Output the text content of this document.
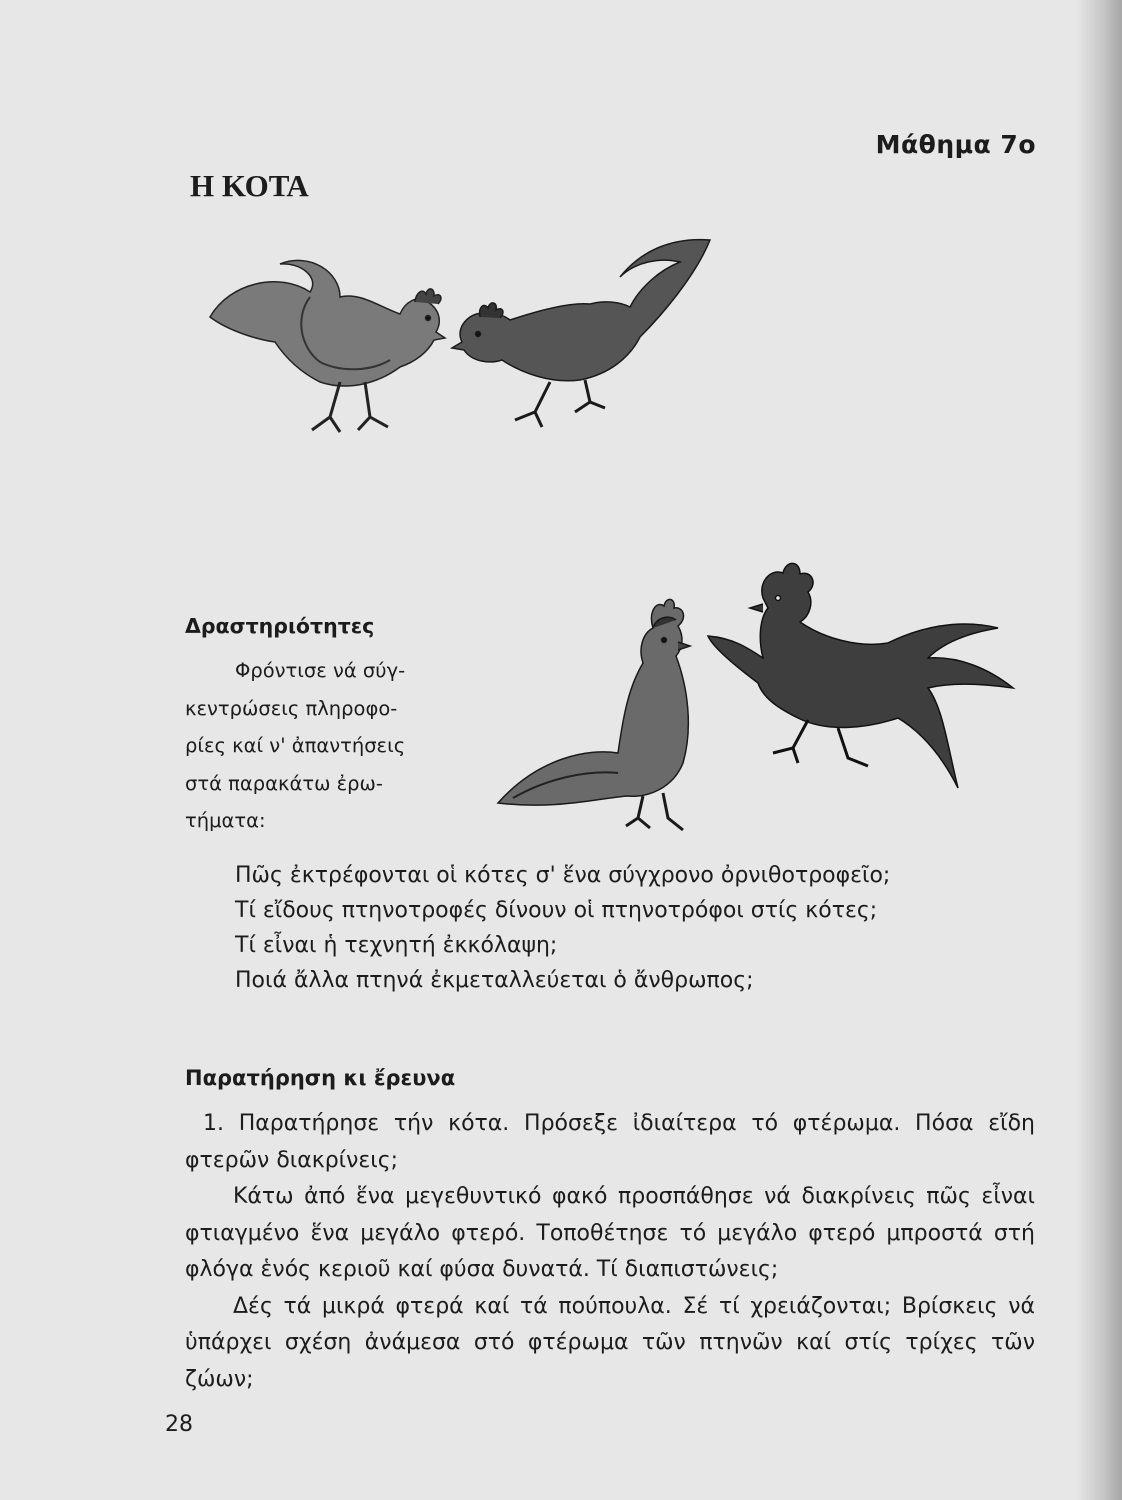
Μάθημα 7ο
Η ΚΟΤΑ
Δραστηριότητες
Φρόντισε νά σύγ-
κεντρώσεις πληροφο-
ρίες καί ν' ἀπαντήσεις
στά παρακάτω ἐρω-
τήματα:
Πῶς ἐκτρέφονται οἱ κότες σ' ἕνα σύγχρονο ὀρνιθοτροφεῖο;
Τί εἴδους πτηνοτροφές δίνουν οἱ πτηνοτρόφοι στίς κότες;
Τί εἶναι ἡ τεχνητή ἐκκόλαψη;
Ποιά ἄλλα πτηνά ἐκμεταλλεύεται ὁ ἄνθρωπος;
Παρατήρηση κι ἔρευνα

1. Παρατήρησε τήν κότα. Πρόσεξε ἰδιαίτερα τό φτέρωμα. Πόσα εἴδη φτερῶν διακρίνεις;

Κάτω ἀπό ἕνα μεγεθυντικό φακό προσπάθησε νά διακρίνεις πῶς εἶναι φτιαγμένο ἕνα μεγάλο φτερό. Τοποθέτησε τό μεγάλο φτερό μπροστά στή φλόγα ἑνός κεριοῦ καί φύσα δυνατά. Τί διαπιστώνεις;

Δές τά μικρά φτερά καί τά πούπουλα. Σέ τί χρειάζονται; Βρίσκεις νά ὑπάρχει σχέση ἀνάμεσα στό φτέρωμα τῶν πτηνῶν καί στίς τρίχες τῶν ζώων;

28
